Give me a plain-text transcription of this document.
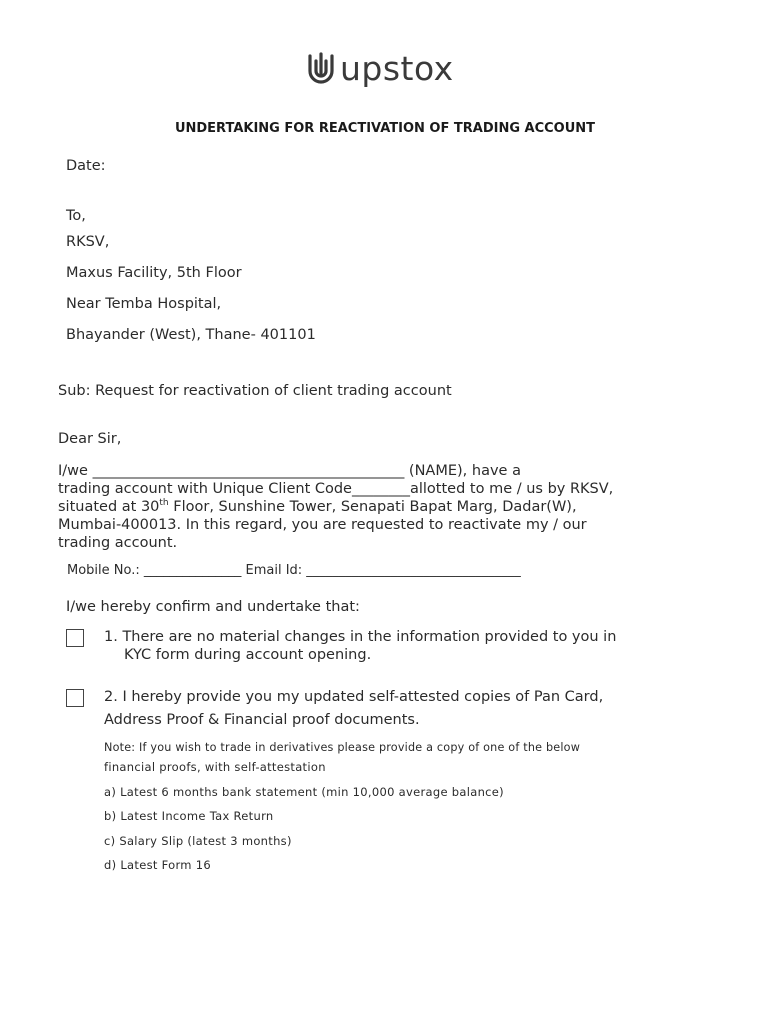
upstox
UNDERTAKING FOR REACTIVATION OF TRADING ACCOUNT
Date:
To,
RKSV,
Maxus Facility, 5th Floor
Near Temba Hospital,
Bhayander (West), Thane- 401101
Sub: Request for reactivation of client trading account
Dear Sir,
I/we ___________________________________________ (NAME), have a
trading account with Unique Client Code________allotted to me / us by RKSV,
situated at 30th Floor, Sunshine Tower, Senapati Bapat Marg, Dadar(W),
Mumbai-400013. In this regard, you are requested to reactivate my / our
trading account.
Mobile No.: _______________ Email Id: _________________________________
I/we hereby confirm and undertake that:
1. There are no material changes in the information provided to you in
KYC form during account opening.
2. I hereby provide you my updated self-attested copies of Pan Card,
Address Proof & Financial proof documents.
Note: If you wish to trade in derivatives please provide a copy of one of the below
financial proofs, with self-attestation
a) Latest 6 months bank statement (min 10,000 average balance)
b) Latest Income Tax Return
c) Salary Slip (latest 3 months)
d) Latest Form 16
